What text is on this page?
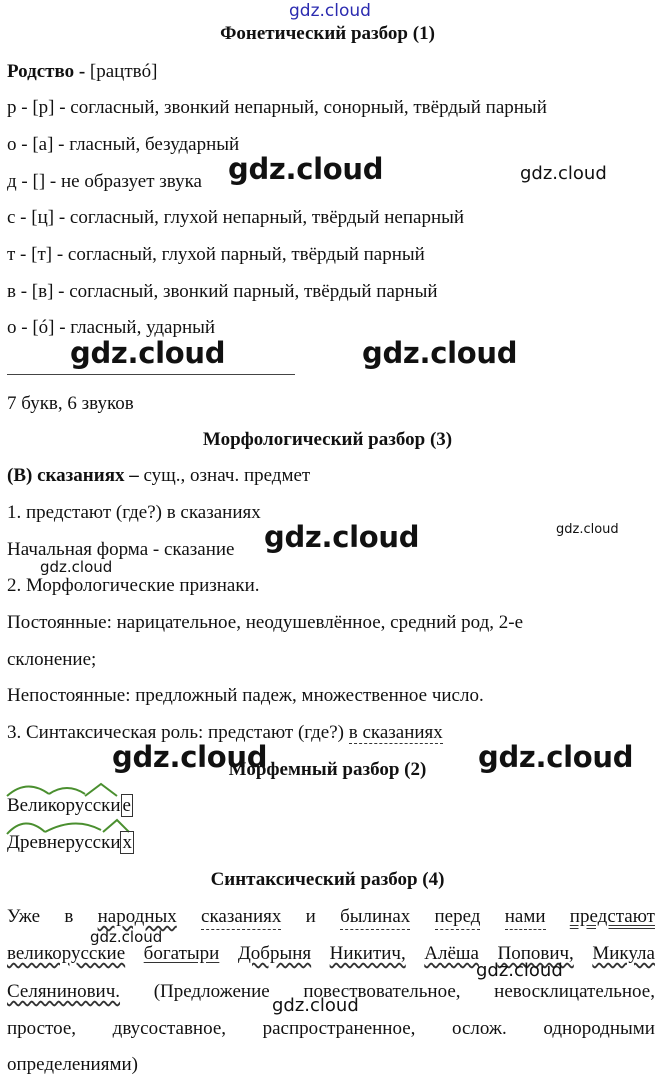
gdz.cloud
Фонетический разбор (1)
Родство - [рацтвó]
р - [р] - согласный, звонкий непарный, сонорный, твёрдый парный
о - [а] - гласный, безударный
д - [] - не образует звука
с - [ц] - согласный, глухой непарный, твёрдый непарный
т - [т] - согласный, глухой парный, твёрдый парный
в - [в] - согласный, звонкий парный, твёрдый парный
о - [ó] - гласный, ударный
7 букв, 6 звуков
Морфологический разбор (3)
(В) сказаниях – сущ., означ. предмет
1. предстают (где?) в сказаниях
Начальная форма - сказание
2. Морфологические признаки.
Постоянные: нарицательное, неодушевлённое, средний род, 2-е
склонение;
Непостоянные: предложный падеж, множественное число.
3. Синтаксическая роль: предстают (где?) в сказаниях
Морфемный разбор (2)
Великорусски е
Древнерусски х
Синтаксический разбор (4)
Уже в народных сказаниях и былинах перед нами предстают
великорусские богатыри Добрыня Никитич, Алёша Попович, Микула
Селянинович. (Предложение повествовательное, невосклицательное,
простое, двусоставное, распространенное, ослож. однородными
определениями)
gdz.cloud
gdz.cloud	gdz.cloud
gdz.cloud
gdz.cloud	gdz.cloud
gdz.cloud
gdz.cloud
gdz.cloud
gdz.cloud
gdz.cloud
gdz.cloud
